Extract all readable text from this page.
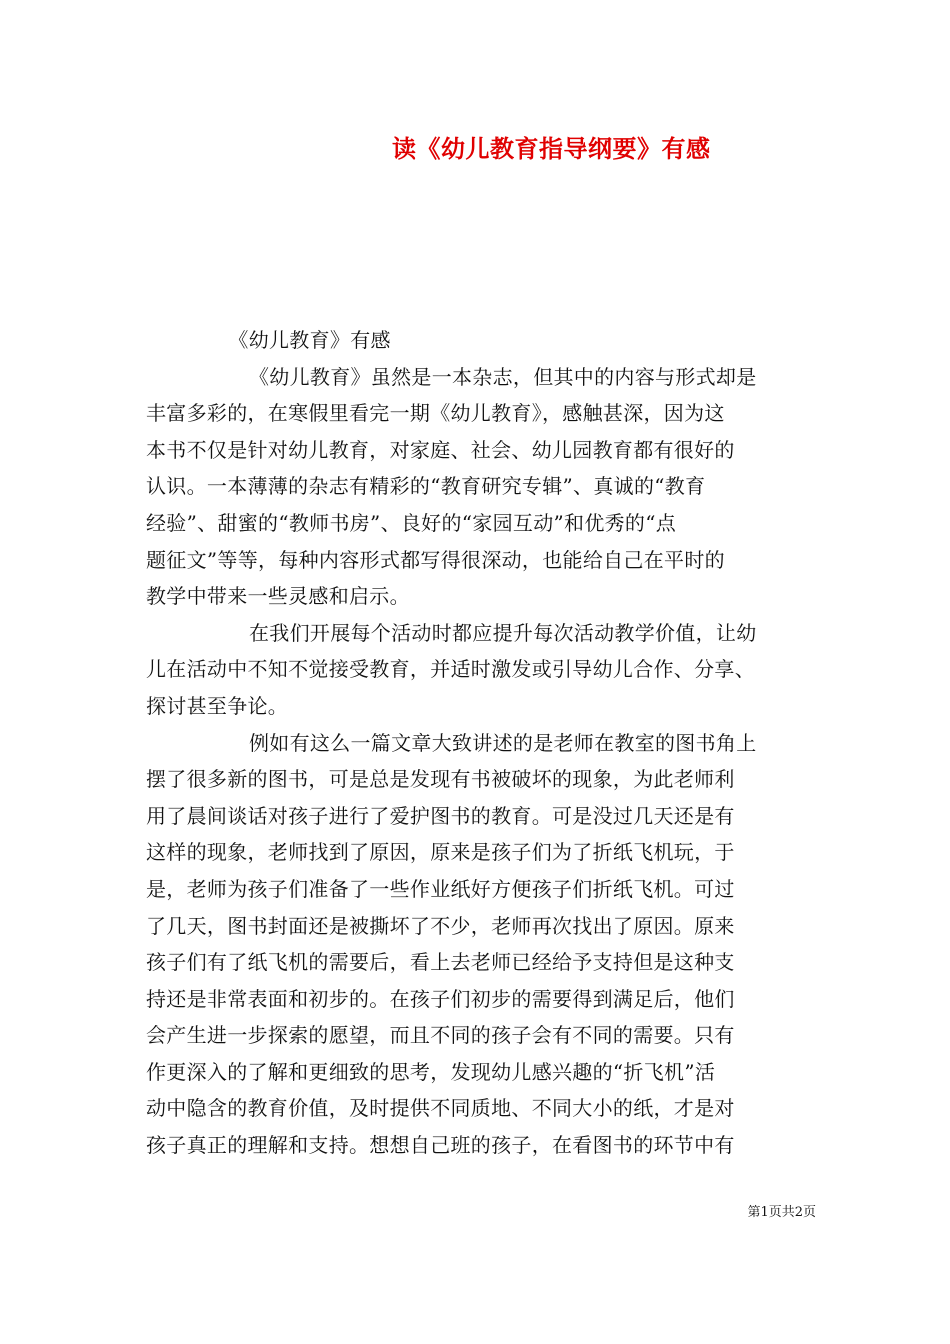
读《幼儿教育指导纲要》有感
《幼儿教育》有感
《幼儿教育》虽然是一本杂志，但其中的内容与形式却是
丰富多彩的，在寒假里看完一期《幼儿教育》，感触甚深，因为这
本书不仅是针对幼儿教育，对家庭、社会、幼儿园教育都有很好的
认识。一本薄薄的杂志有精彩的“教育研究专辑”、真诚的“教育
经验”、甜蜜的“教师书房”、良好的“家园互动”和优秀的“点
题征文”等等，每种内容形式都写得很深动，也能给自己在平时的
教学中带来一些灵感和启示。
在我们开展每个活动时都应提升每次活动教学价值，让幼
儿在活动中不知不觉接受教育，并适时激发或引导幼儿合作、分享、
探讨甚至争论。
例如有这么一篇文章大致讲述的是老师在教室的图书角上
摆了很多新的图书，可是总是发现有书被破坏的现象，为此老师利
用了晨间谈话对孩子进行了爱护图书的教育。可是没过几天还是有
这样的现象，老师找到了原因，原来是孩子们为了折纸飞机玩，于
是，老师为孩子们准备了一些作业纸好方便孩子们折纸飞机。可过
了几天，图书封面还是被撕坏了不少，老师再次找出了原因。原来
孩子们有了纸飞机的需要后，看上去老师已经给予支持但是这种支
持还是非常表面和初步的。在孩子们初步的需要得到满足后，他们
会产生进一步探索的愿望，而且不同的孩子会有不同的需要。只有
作更深入的了解和更细致的思考，发现幼儿感兴趣的“折飞机”活
动中隐含的教育价值，及时提供不同质地、不同大小的纸，才是对
孩子真正的理解和支持。想想自己班的孩子，在看图书的环节中有
第1页共2页
